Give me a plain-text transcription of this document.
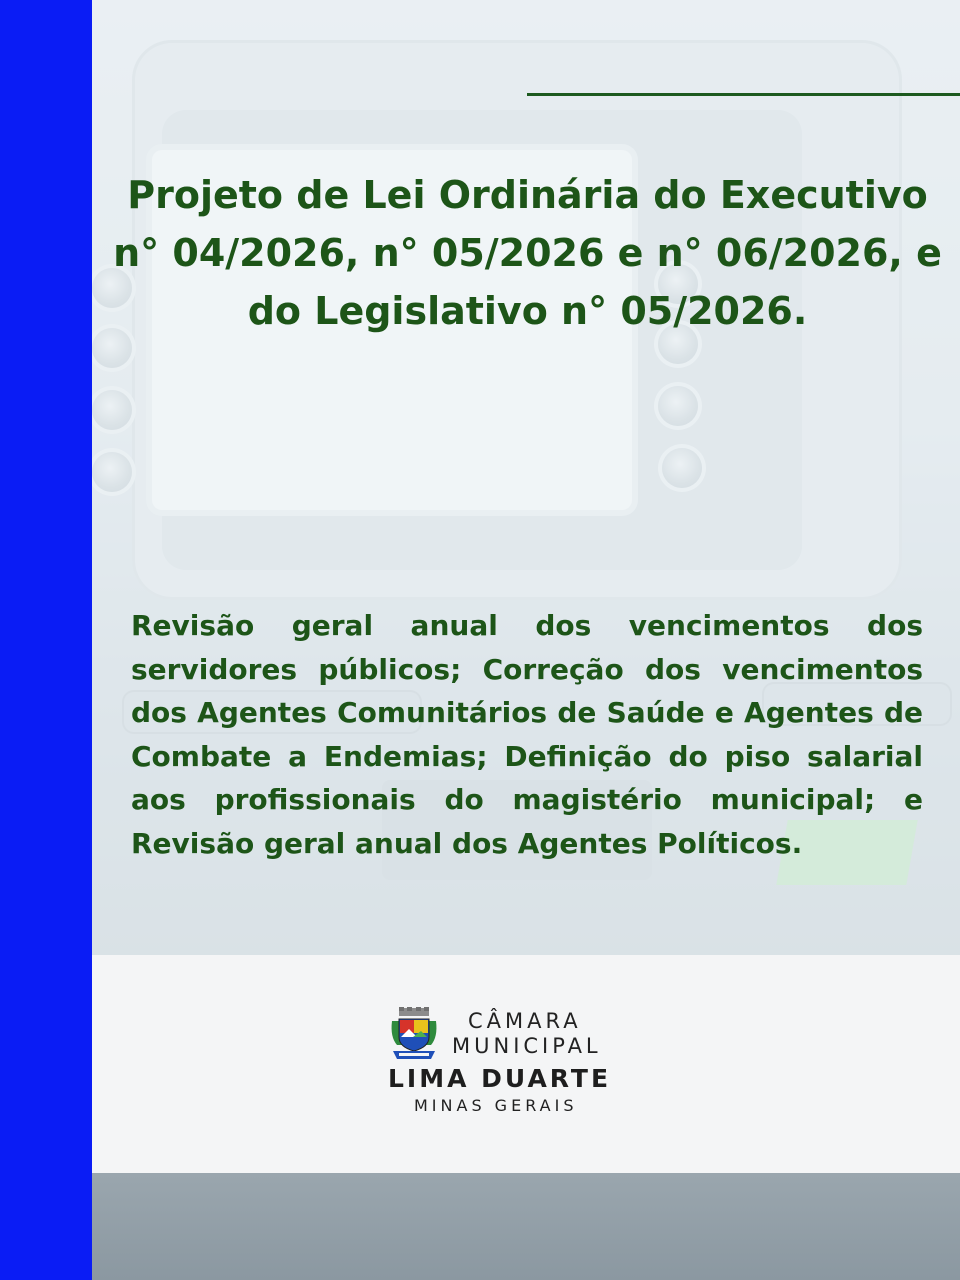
Projeto de Lei Ordinária do Executivo
n° 04/2026, n° 05/2026 e n° 06/2026, e
do Legislativo n° 05/2026.

Revisão geral anual dos vencimentos dos servidores públicos; Correção dos vencimentos dos Agentes Comunitários de Saúde e Agentes de Combate a Endemias; Definição do piso salarial aos profissionais do magistério municipal; e Revisão geral anual dos Agentes Políticos.

CÂMARA
MUNICIPAL
LIMA DUARTE
MINAS GERAIS
